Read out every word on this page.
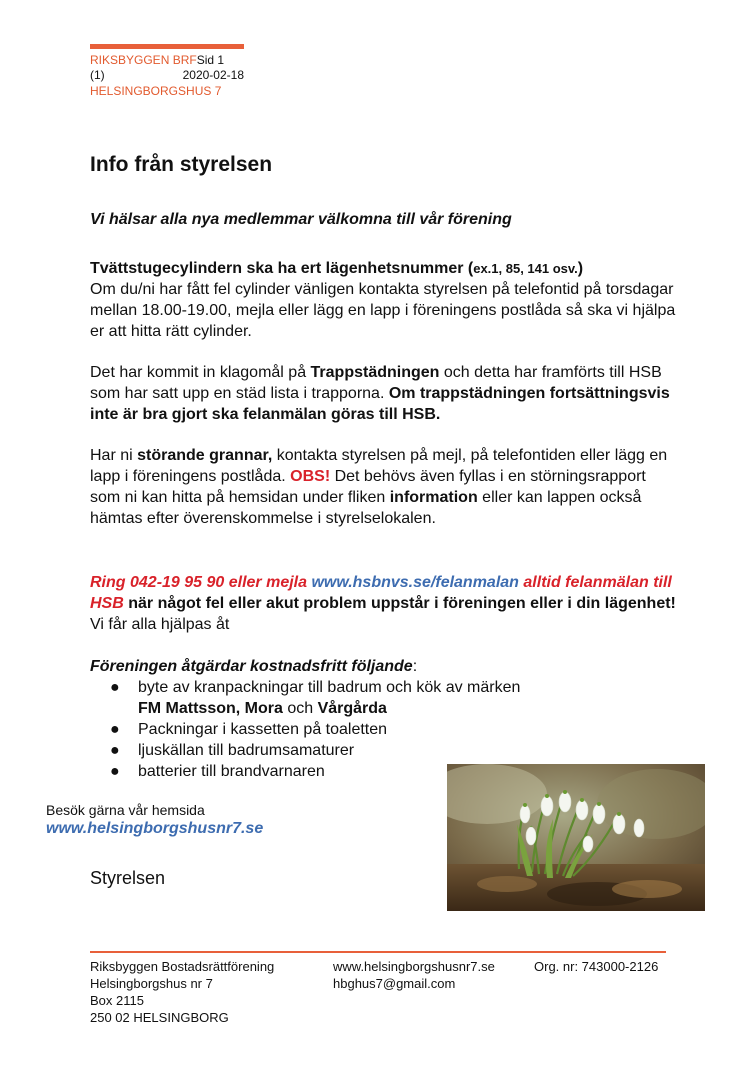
RIKSBYGGEN BRFSid 1
(1)	2020-02-18
HELSINGBORGSHUS 7
Info från styrelsen

Vi hälsar alla nya medlemmar välkomna till vår förening

Tvättstugecylindern ska ha ert lägenhetsnummer (ex.1, 85, 141 osv.)
Om du/ni har fått fel cylinder vänligen kontakta styrelsen på telefontid på torsdagar mellan 18.00-19.00, mejla eller lägg en lapp i föreningens postlåda så ska vi hjälpa er att hitta rätt cylinder.

Det har kommit in klagomål på Trappstädningen och detta har framförts till HSB som har satt upp en städ lista i trapporna. Om trappstädningen fortsättningsvis inte är bra gjort ska felanmälan göras till HSB.

Har ni störande grannar, kontakta styrelsen på mejl, på telefontiden eller lägg en lapp i föreningens postlåda. OBS! Det behövs även fyllas i en störningsrapport som ni kan hitta på hemsidan under fliken information eller kan lappen också hämtas efter överenskommelse i styrelselokalen.

Ring 042-19 95 90 eller mejla www.hsbnvs.se/felanmalan alltid felanmälan till HSB när något fel eller akut problem uppstår i föreningen eller i din lägenhet! Vi får alla hjälpas åt

Föreningen åtgärdar kostnadsfritt följande:

● byte av kranpackningar till badrum och kök av märken
FM Mattsson, Mora och Vårgårda
● Packningar i kassetten på toaletten
● ljuskällan till badrumsamaturer
● batterier till brandvarnaren
Besök gärna vår hemsida
www.helsingborgshusnr7.se
Styrelsen
Riksbyggen Bostadsrättförening
Helsingborgshus nr 7
Box 2115
250 02 HELSINGBORG
www.helsingborgshusnr7.se
hbghus7@gmail.com
Org. nr: 743000-2126
